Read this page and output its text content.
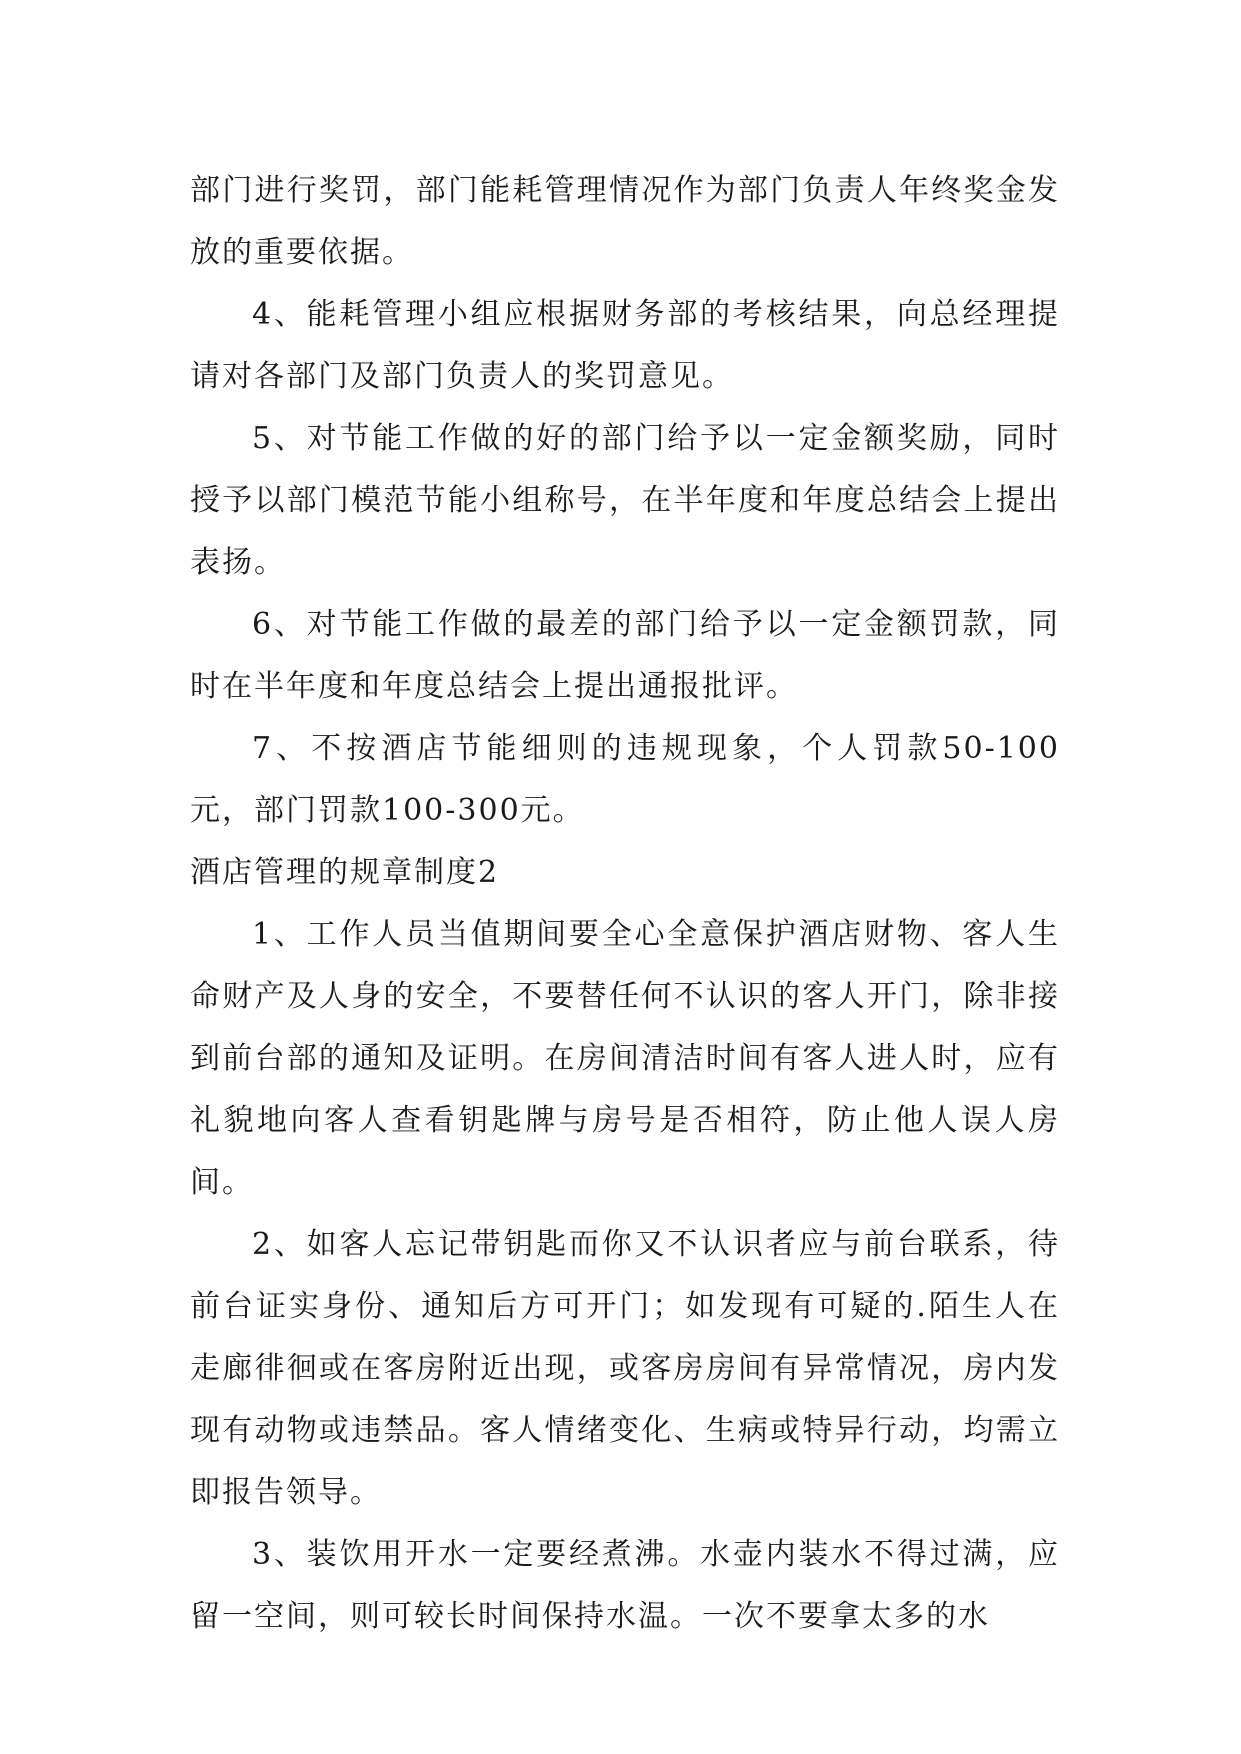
部门进行奖罚，部门能耗管理情况作为部门负责人年终奖金发放的重要依据。

4、能耗管理小组应根据财务部的考核结果，向总经理提请对各部门及部门负责人的奖罚意见。

5、对节能工作做的好的部门给予以一定金额奖励，同时授予以部门模范节能小组称号，在半年度和年度总结会上提出表扬。

6、对节能工作做的最差的部门给予以一定金额罚款，同时在半年度和年度总结会上提出通报批评。

7、不按酒店节能细则的违规现象，个人罚款50-100元，部门罚款100-300元。

酒店管理的规章制度2

1、工作人员当值期间要全心全意保护酒店财物、客人生命财产及人身的安全，不要替任何不认识的客人开门，除非接到前台部的通知及证明。在房间清洁时间有客人进人时，应有礼貌地向客人查看钥匙牌与房号是否相符，防止他人误人房间。

2、如客人忘记带钥匙而你又不认识者应与前台联系，待前台证实身份、通知后方可开门；如发现有可疑的.陌生人在走廊徘徊或在客房附近出现，或客房房间有异常情况，房内发现有动物或违禁品。客人情绪变化、生病或特异行动，均需立即报告领导。

3、装饮用开水一定要经煮沸。水壶内装水不得过满，应留一空间，则可较长时间保持水温。一次不要拿太多的水
